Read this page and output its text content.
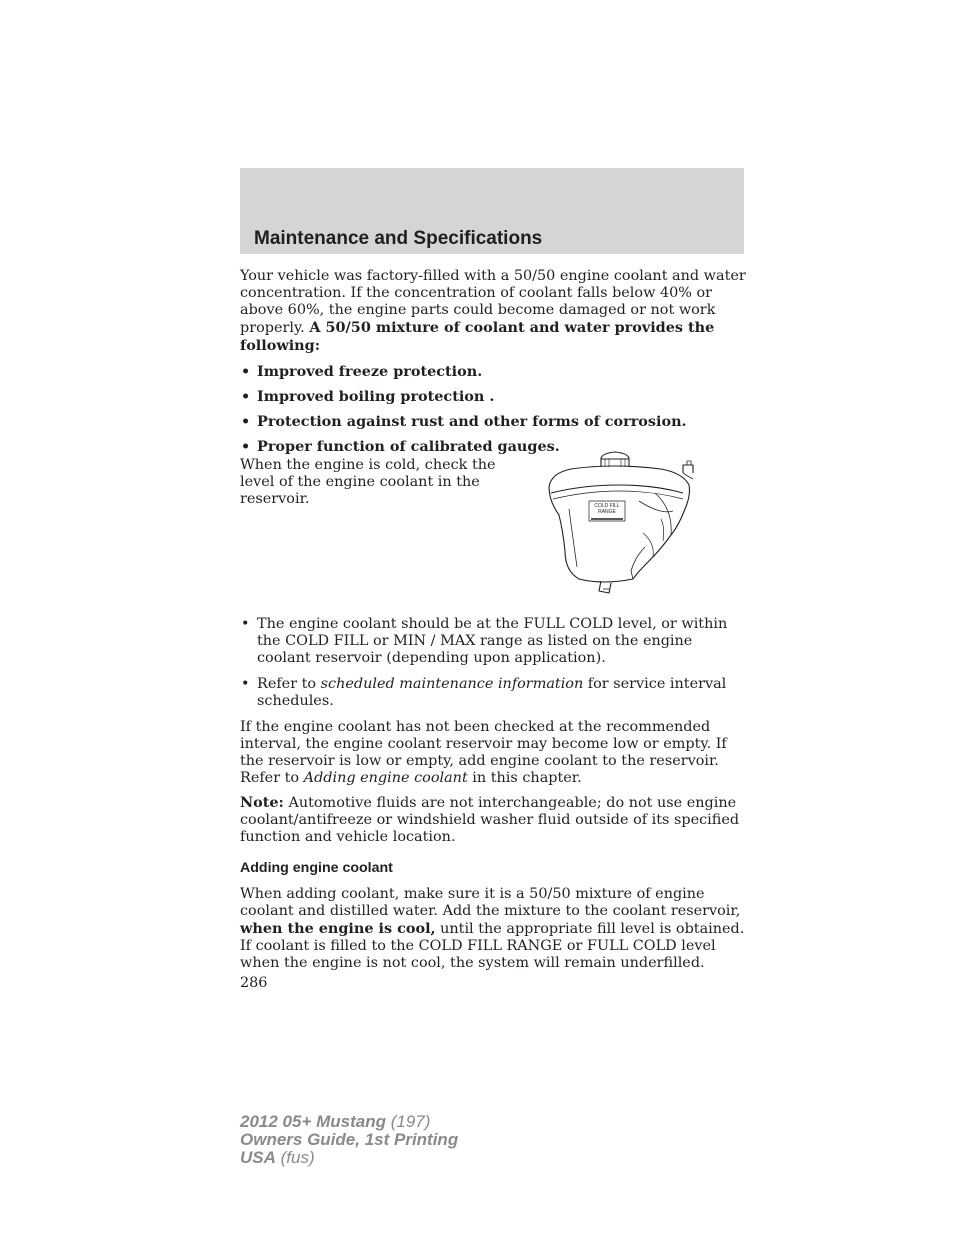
Maintenance and Specifications

Your vehicle was factory-filled with a 50/50 engine coolant and water concentration. If the concentration of coolant falls below 40% or above 60%, the engine parts could become damaged or not work properly. A 50/50 mixture of coolant and water provides the following:

• Improved freeze protection.
• Improved boiling protection .
• Protection against rust and other forms of corrosion.
• Proper function of calibrated gauges.

When the engine is cold, check the level of the engine coolant in the reservoir.	COLD FILL
RANGE
• The engine coolant should be at the FULL COLD level, or within the COLD FILL or MIN / MAX range as listed on the engine coolant reservoir (depending upon application).
• Refer to scheduled maintenance information for service interval schedules.

If the engine coolant has not been checked at the recommended interval, the engine coolant reservoir may become low or empty. If the reservoir is low or empty, add engine coolant to the reservoir. Refer to Adding engine coolant in this chapter.

Note: Automotive fluids are not interchangeable; do not use engine coolant/antifreeze or windshield washer fluid outside of its specified function and vehicle location.

Adding engine coolant

When adding coolant, make sure it is a 50/50 mixture of engine coolant and distilled water. Add the mixture to the coolant reservoir, when the engine is cool, until the appropriate fill level is obtained. If coolant is filled to the COLD FILL RANGE or FULL COLD level when the engine is not cool, the system will remain underfilled.

286

2012 05+ Mustang (197)
Owners Guide, 1st Printing
USA (fus)
